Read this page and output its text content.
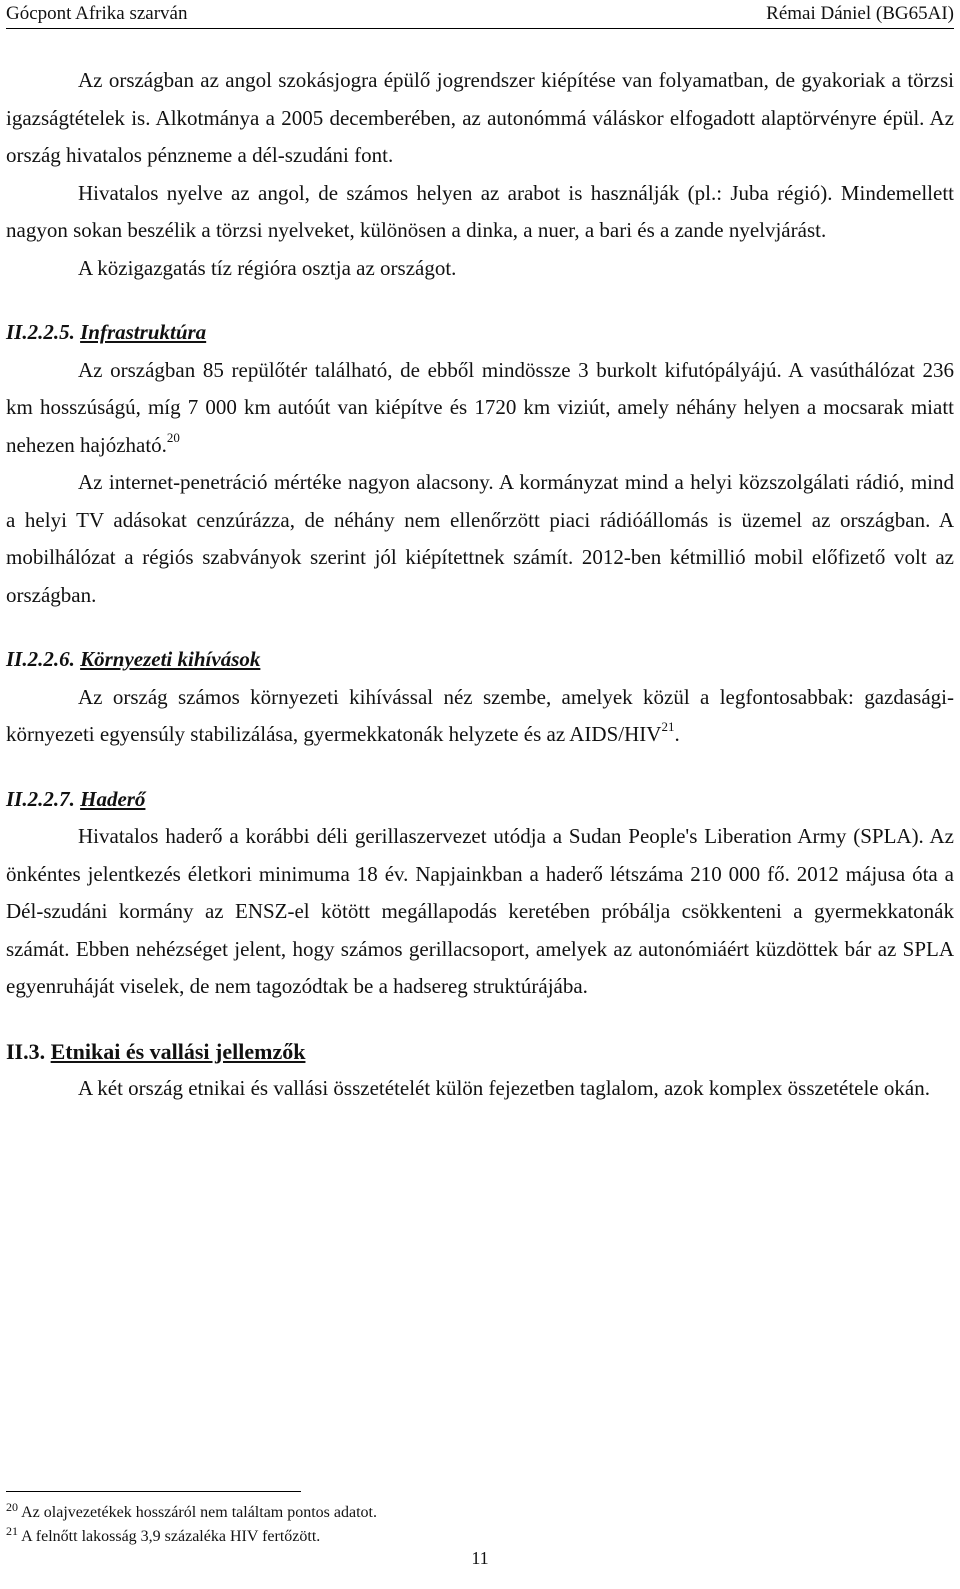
Gócpont Afrika szarván	Rémai Dániel (BG65AI)

Az országban az angol szokásjogra épülő jogrendszer kiépítése van folyamatban, de gyakoriak a törzsi igazságtételek is. Alkotmánya a 2005 decemberében, az autonómmá váláskor elfogadott alaptörvényre épül. Az ország hivatalos pénzneme a dél-szudáni font.

Hivatalos nyelve az angol, de számos helyen az arabot is használják (pl.: Juba régió). Mindemellett nagyon sokan beszélik a törzsi nyelveket, különösen a dinka, a nuer, a bari és a zande nyelvjárást.

A közigazgatás tíz régióra osztja az országot.

II.2.2.5. Infrastruktúra

Az országban 85 repülőtér található, de ebből mindössze 3 burkolt kifutópályájú. A vasúthálózat 236 km hosszúságú, míg 7 000 km autóút van kiépítve és 1720 km viziút, amely néhány helyen a mocsarak miatt nehezen hajózható.$^{20}$

Az internet-penetráció mértéke nagyon alacsony. A kormányzat mind a helyi közszolgálati rádió, mind a helyi TV adásokat cenzúrázza, de néhány nem ellenőrzött piaci rádióállomás is üzemel az országban. A mobilhálózat a régiós szabványok szerint jól kiépítettnek számít. 2012-ben kétmillió mobil előfizető volt az országban.

II.2.2.6. Környezeti kihívások

Az ország számos környezeti kihívással néz szembe, amelyek közül a legfontosabbak: gazdasági-környezeti egyensúly stabilizálása, gyermekkatonák helyzete és az AIDS/HIV$^{21}$.

II.2.2.7. Haderő

Hivatalos haderő a korábbi déli gerillaszervezet utódja a Sudan People's Liberation Army (SPLA). Az önkéntes jelentkezés életkori minimuma 18 év. Napjainkban a haderő létszáma 210 000 fő. 2012 májusa óta a Dél-szudáni kormány az ENSZ-el kötött megállapodás keretében próbálja csökkenteni a gyermekkatonák számát. Ebben nehézséget jelent, hogy számos gerillacsoport, amelyek az autonómiáért küzdöttek bár az SPLA egyenruháját viselek, de nem tagozódtak be a hadsereg struktúrájába.

II.3. Etnikai és vallási jellemzők

A két ország etnikai és vallási összetételét külön fejezetben taglalom, azok komplex összetétele okán.

$^{20}$ Az olajvezetékek hosszáról nem találtam pontos adatot.
$^{21}$ A felnőtt lakosság 3,9 százaléka HIV fertőzött.
11
